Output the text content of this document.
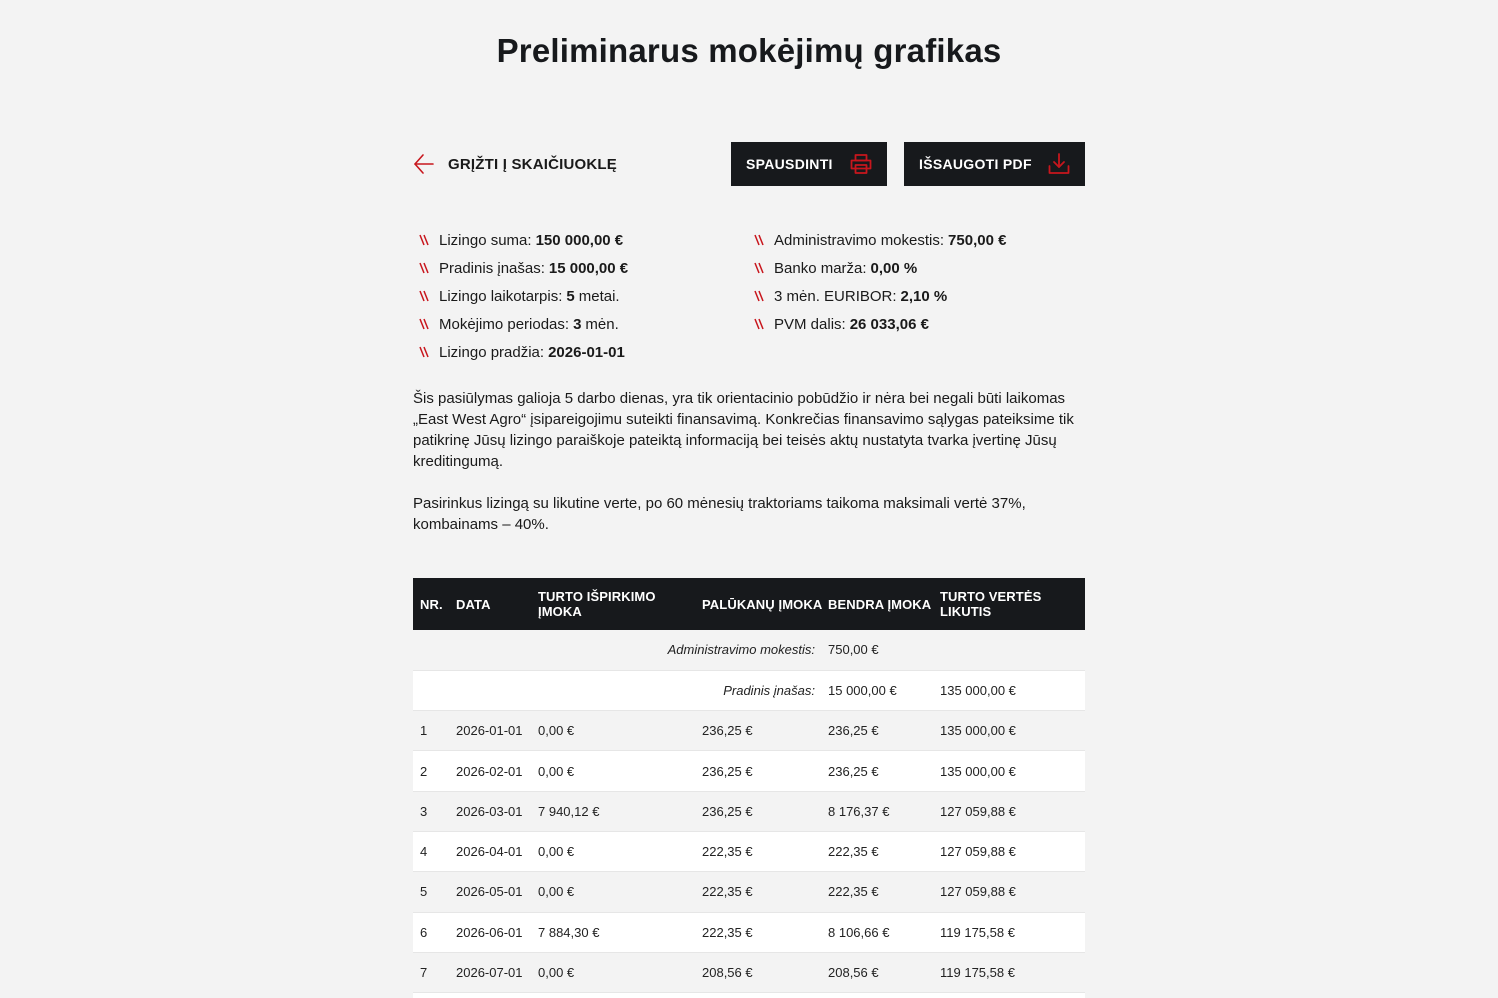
Preliminarus mokėjimų grafikas
GRĮŽTI Į SKAIČIUOKLĘ	SPAUSDINTI	IŠSAUGOTI PDF
Lizingo suma: 150 000,00 €
Pradinis įnašas: 15 000,00 €
Lizingo laikotarpis: 5 metai.
Mokėjimo periodas: 3 mėn.
Lizingo pradžia: 2026-01-01
Administravimo mokestis: 750,00 €
Banko marža: 0,00 %
3 mėn. EURIBOR: 2,10 %
PVM dalis: 26 033,06 €

Šis pasiūlymas galioja 5 darbo dienas, yra tik orientacinio pobūdžio ir nėra bei negali būti laikomas „East West Agro“ įsipareigojimu suteikti finansavimą. Konkrečias finansavimo sąlygas pateiksime tik patikrinę Jūsų lizingo paraiškoje pateiktą informaciją bei teisės aktų nustatyta tvarka įvertinę Jūsų kreditingumą.

Pasirinkus lizingą su likutine verte, po 60 mėnesių traktoriams taikoma maksimali vertė 37%, kombainams – 40%.

NR.	DATA	TURTO IŠPIRKIMO ĮMOKA	PALŪKANŲ ĮMOKA	BENDRA ĮMOKA	TURTO VERTĖS LIKUTIS
Administravimo mokestis:				750,00 €	
Pradinis įnašas:				15 000,00 €	135 000,00 €
1	2026-01-01	0,00 €	236,25 €	236,25 €	135 000,00 €
2	2026-02-01	0,00 €	236,25 €	236,25 €	135 000,00 €
3	2026-03-01	7 940,12 €	236,25 €	8 176,37 €	127 059,88 €
4	2026-04-01	0,00 €	222,35 €	222,35 €	127 059,88 €
5	2026-05-01	0,00 €	222,35 €	222,35 €	127 059,88 €
6	2026-06-01	7 884,30 €	222,35 €	8 106,66 €	119 175,58 €
7	2026-07-01	0,00 €	208,56 €	208,56 €	119 175,58 €
